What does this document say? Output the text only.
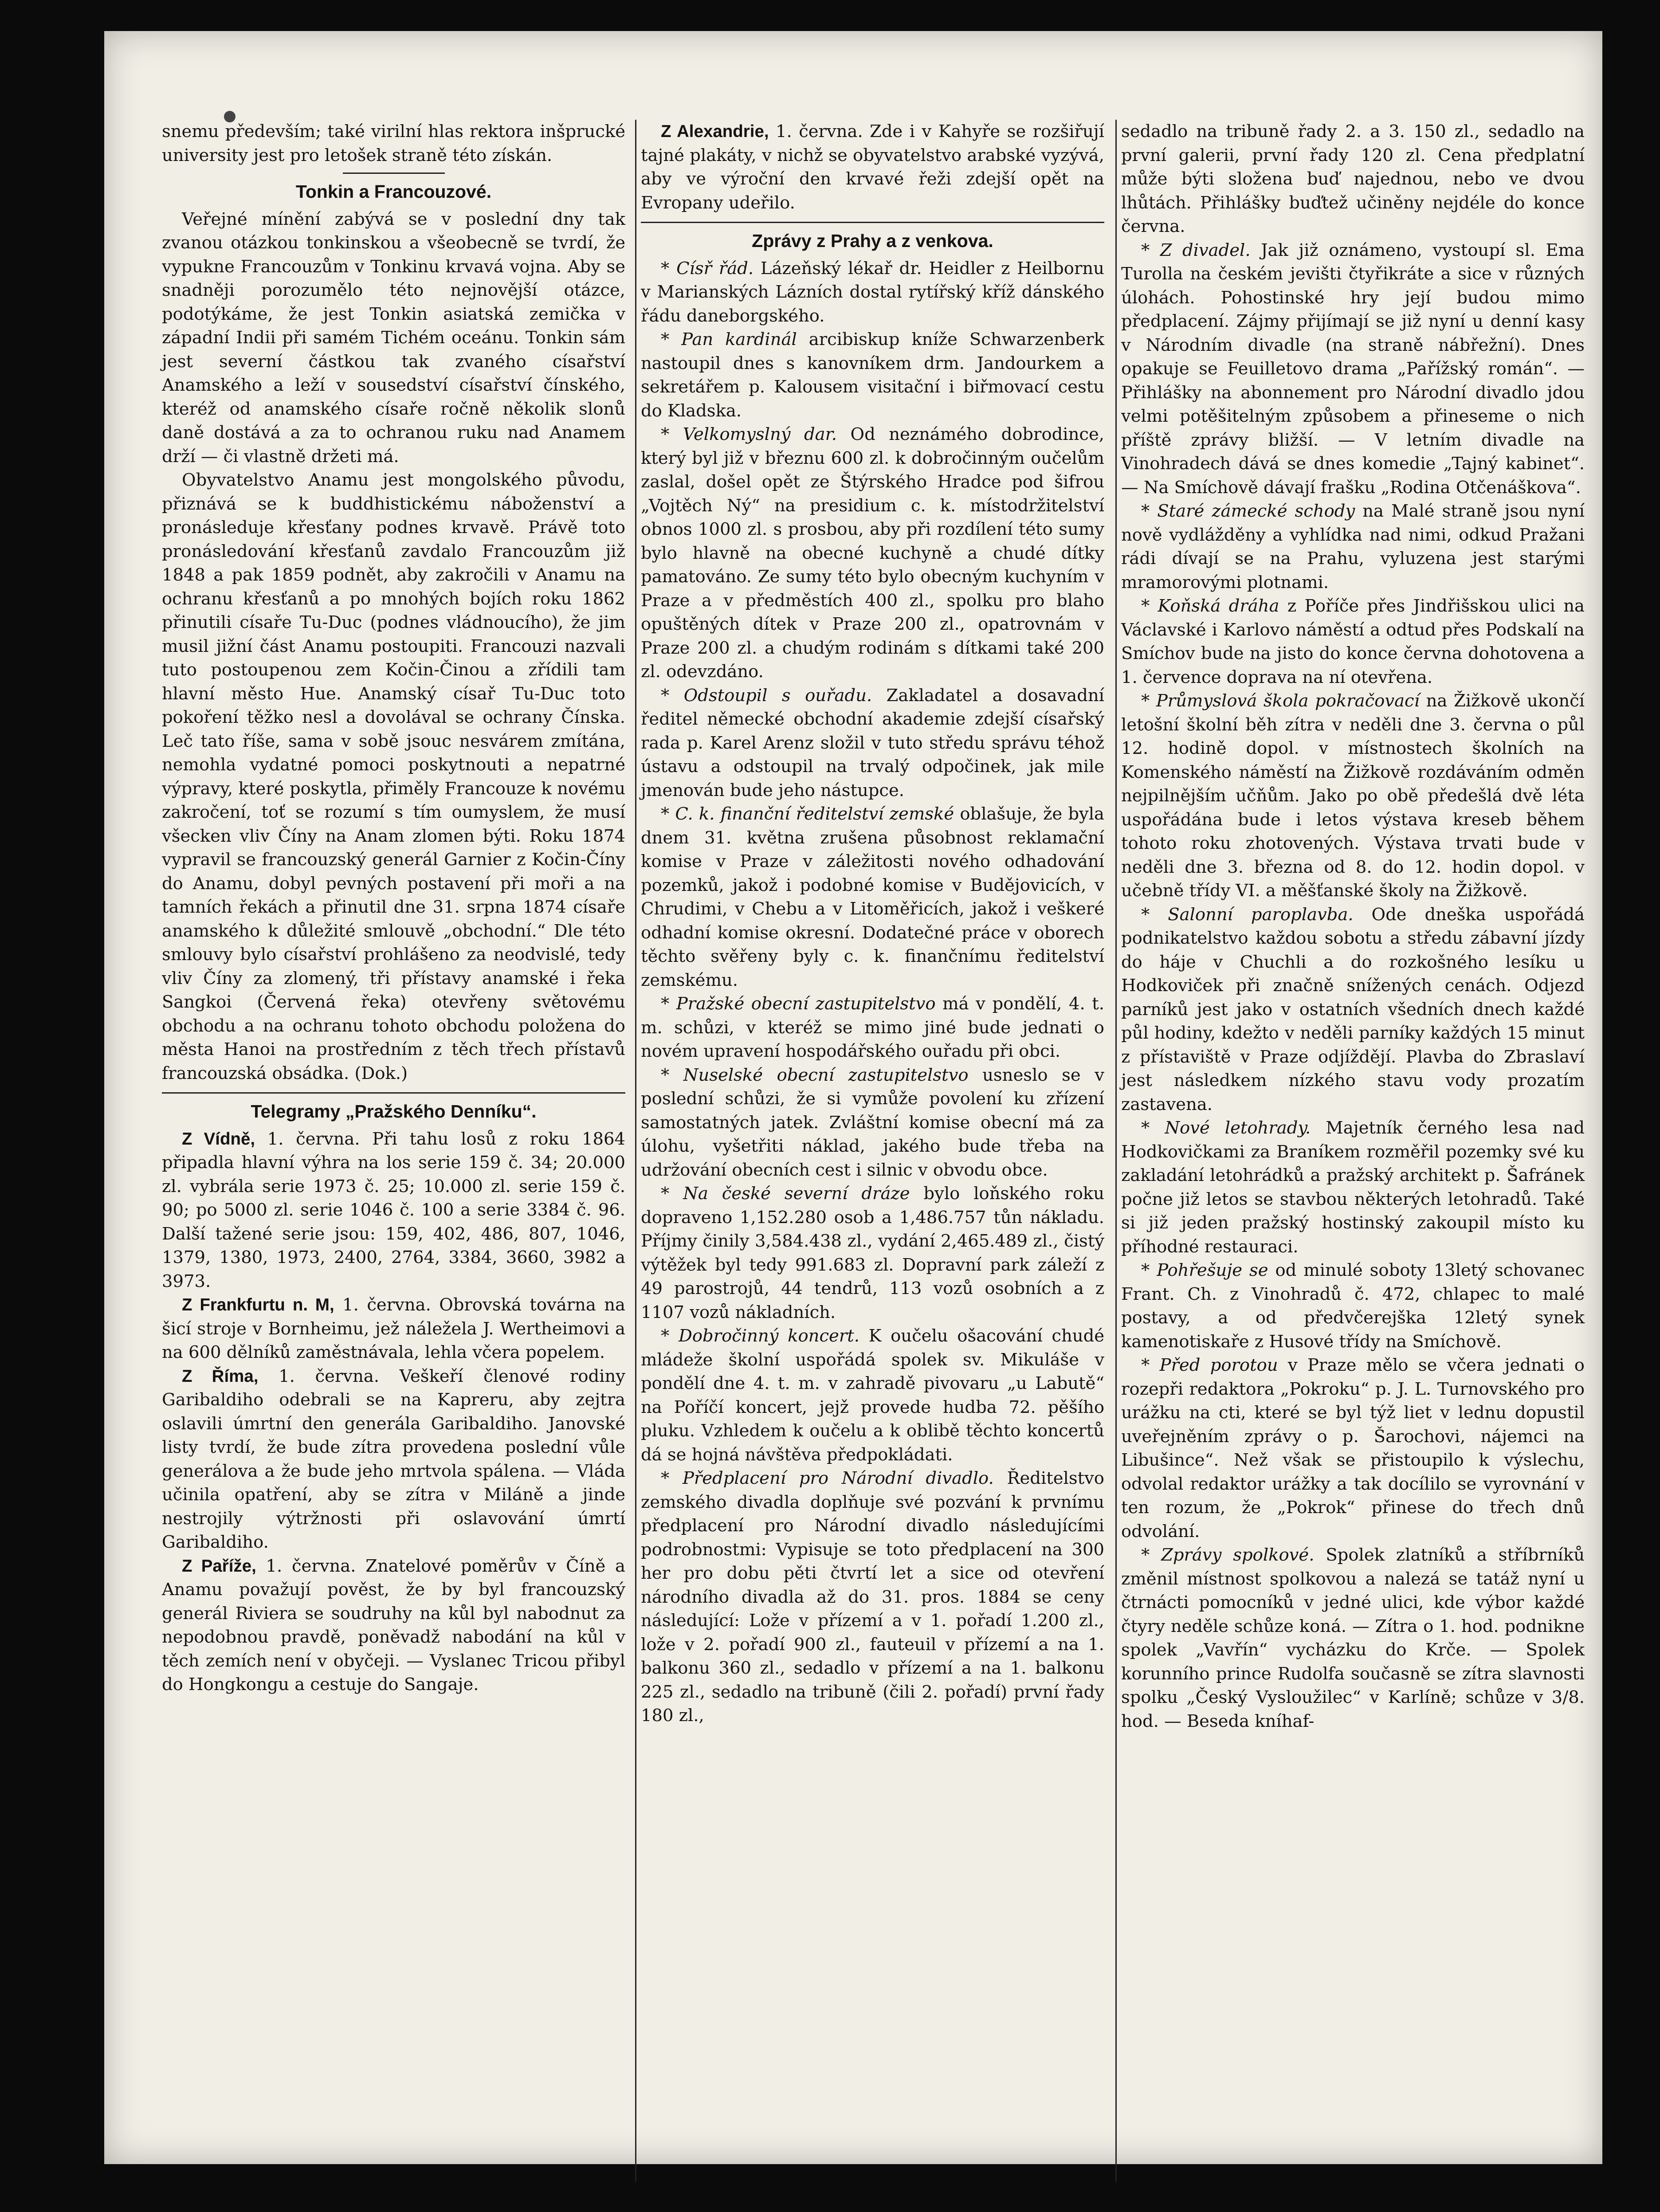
snemu především; také virilní hlas rektora inšprucké university jest pro letošek straně této získán.

Tonkin a Francouzové.

Veřejné mínění zabývá se v poslední dny tak zvanou otázkou tonkinskou a všeobecně se tvrdí, že vypukne Francouzům v Tonkinu krvavá vojna. Aby se snadněji porozumělo této nejnovější otázce, podotýkáme, že jest Tonkin asiatská zemička v západní Indii při samém Tichém oceánu. Tonkin sám jest severní částkou tak zvaného císařství Anamského a leží v sousedství císařství čínského, kteréž od anamského císaře ročně několik slonů daně dostává a za to ochranou ruku nad Anamem drží — či vlastně držeti má.

Obyvatelstvo Anamu jest mongolského původu, přiznává se k buddhistickému náboženství a pronásleduje křesťany podnes krvavě. Právě toto pronásledování křesťanů zavdalo Francouzům již 1848 a pak 1859 podnět, aby zakročili v Anamu na ochranu křesťanů a po mnohých bojích roku 1862 přinutili císaře Tu-Duc (podnes vládnoucího), že jim musil jižní část Anamu postoupiti. Francouzi nazvali tuto postoupenou zem Kočin-Činou a zřídili tam hlavní město Hue. Anamský císař Tu-Duc toto pokoření těžko nesl a dovolával se ochrany Čínska. Leč tato říše, sama v sobě jsouc nesvárem zmítána, nemohla vydatné pomoci poskytnouti a nepatrné výpravy, které poskytla, přiměly Francouze k novému zakročení, toť se rozumí s tím oumyslem, že musí všecken vliv Číny na Anam zlomen býti. Roku 1874 vypravil se francouzský generál Garnier z Kočin-Číny do Anamu, dobyl pevných postavení při moři a na tamních řekách a přinutil dne 31. srpna 1874 císaře anamského k důležité smlouvě „obchodní.“ Dle této smlouvy bylo císařství prohlášeno za neodvislé, tedy vliv Číny za zlomený, tři přístavy anamské i řeka Sangkoi (Červená řeka) otevřeny světovému obchodu a na ochranu tohoto obchodu položena do města Hanoi na prostředním z těch třech přístavů francouzská obsádka. (Dok.)

Telegramy „Pražského Denníku“.

Z Vídně, 1. června. Při tahu losů z roku 1864 připadla hlavní výhra na los serie 159 č. 34; 20.000 zl. vybrála serie 1973 č. 25; 10.000 zl. serie 159 č. 90; po 5000 zl. serie 1046 č. 100 a serie 3384 č. 96. Další tažené serie jsou: 159, 402, 486, 807, 1046, 1379, 1380, 1973, 2400, 2764, 3384, 3660, 3982 a 3973.

Z Frankfurtu n. M, 1. června. Obrovská továrna na šicí stroje v Bornheimu, jež náležela J. Wertheimovi a na 600 dělníků zaměstnávala, lehla včera popelem.

Z Říma, 1. června. Veškeří členové rodiny Garibaldiho odebrali se na Kapreru, aby zejtra oslavili úmrtní den generála Garibaldiho. Janovské listy tvrdí, že bude zítra provedena poslední vůle generálova a že bude jeho mrtvola spálena. — Vláda učinila opatření, aby se zítra v Miláně a jinde nestrojily výtržnosti při oslavování úmrtí Garibaldiho.

Z Paříže, 1. června. Znatelové poměrův v Číně a Anamu považují pověst, že by byl francouzský generál Riviera se soudruhy na kůl byl nabodnut za nepodobnou pravdě, poněvadž nabodání na kůl v těch zemích není v obyčeji. — Vyslanec Tricou přibyl do Hongkongu a cestuje do Sangaje.

Z Alexandrie, 1. června. Zde i v Kahyře se rozšiřují tajné plakáty, v nichž se obyvatelstvo arabské vyzývá, aby ve výroční den krvavé řeži zdejší opět na Evropany udeřilo.

Zprávy z Prahy a z venkova.

* Císř řád. Lázeňský lékař dr. Heidler z Heilbornu v Marianských Lázních dostal rytířský kříž dánského řádu daneborgského.

* Pan kardinál arcibiskup kníže Schwarzenberk nastoupil dnes s kanovníkem drm. Jandourkem a sekretářem p. Kalousem visitační i biřmovací cestu do Kladska.

* Velkomyslný dar. Od neznámého dobrodince, který byl již v březnu 600 zl. k dobročinným oučelům zaslal, došel opět ze Štýrského Hradce pod šifrou „Vojtěch Ný“ na presidium c. k. místodržitelství obnos 1000 zl. s prosbou, aby při rozdílení této sumy bylo hlavně na obecné kuchyně a chudé dítky pamatováno. Ze sumy této bylo obecným kuchyním v Praze a v předměstích 400 zl., spolku pro blaho opuštěných dítek v Praze 200 zl., opatrovnám v Praze 200 zl. a chudým rodinám s dítkami také 200 zl. odevzdáno.

* Odstoupil s ouřadu. Zakladatel a dosavadní ředitel německé obchodní akademie zdejší císařský rada p. Karel Arenz složil v tuto středu správu téhož ústavu a odstoupil na trvalý odpočinek, jak mile jmenován bude jeho nástupce.

* C. k. finanční ředitelství zemské oblašuje, že byla dnem 31. května zrušena působnost reklamační komise v Praze v záležitosti nového odhadování pozemků, jakož i podobné komise v Budějovicích, v Chrudimi, v Chebu a v Litoměřicích, jakož i veškeré odhadní komise okresní. Dodatečné práce v oborech těchto svěřeny byly c. k. finančnímu ředitelství zemskému.

* Pražské obecní zastupitelstvo má v pondělí, 4. t. m. schůzi, v kteréž se mimo jiné bude jednati o novém upravení hospodářského ouřadu při obci.

* Nuselské obecní zastupitelstvo usneslo se v poslední schůzi, že si vymůže povolení ku zřízení samostatných jatek. Zvláštní komise obecní má za úlohu, vyšetřiti náklad, jakého bude třeba na udržování obecních cest i silnic v obvodu obce.

* Na české severní dráze bylo loňského roku dopraveno 1,152.280 osob a 1,486.757 tůn nákladu. Příjmy činily 3,584.438 zl., vydání 2,465.489 zl., čistý výtěžek byl tedy 991.683 zl. Dopravní park záleží z 49 parostrojů, 44 tendrů, 113 vozů osobních a z 1107 vozů nákladních.

* Dobročinný koncert. K oučelu ošacování chudé mládeže školní uspořádá spolek sv. Mikuláše v pondělí dne 4. t. m. v zahradě pivovaru „u Labutě“ na Poříčí koncert, jejž provede hudba 72. pěšího pluku. Vzhledem k oučelu a k oblibě těchto koncertů dá se hojná návštěva předpokládati.

* Předplacení pro Národní divadlo. Ředitelstvo zemského divadla doplňuje své pozvání k prvnímu předplacení pro Národní divadlo následujícími podrobnostmi: Vypisuje se toto předplacení na 300 her pro dobu pěti čtvrtí let a sice od otevření národního divadla až do 31. pros. 1884 se ceny následující: Lože v přízemí a v 1. pořadí 1.200 zl., lože v 2. pořadí 900 zl., fauteuil v přízemí a na 1. balkonu 360 zl., sedadlo v přízemí a na 1. balkonu 225 zl., sedadlo na tribuně (čili 2. pořadí) první řady 180 zl.,

sedadlo na tribuně řady 2. a 3. 150 zl., sedadlo na první galerii, první řady 120 zl. Cena předplatní může býti složena buď najednou, nebo ve dvou lhůtách. Přihlášky buďtež učiněny nejdéle do konce června.

* Z divadel. Jak již oznámeno, vystoupí sl. Ema Turolla na českém jevišti čtyřikráte a sice v různých úlohách. Pohostinské hry její budou mimo předplacení. Zájmy přijímají se již nyní u denní kasy v Národním divadle (na straně nábřežní). Dnes opakuje se Feuilletovo drama „Pařížský román“. — Přihlášky na abonnement pro Národní divadlo jdou velmi potěšitelným způsobem a přineseme o nich příště zprávy bližší. — V letním divadle na Vinohradech dává se dnes komedie „Tajný kabinet“. — Na Smíchově dávají frašku „Rodina Otčenáškova“.

* Staré zámecké schody na Malé straně jsou nyní nově vydlážděny a vyhlídka nad nimi, odkud Pražani rádi dívají se na Prahu, vyluzena jest starými mramorovými plotnami.

* Koňská dráha z Poříče přes Jindřišskou ulici na Václavské i Karlovo náměstí a odtud přes Podskalí na Smíchov bude na jisto do konce června dohotovena a 1. července doprava na ní otevřena.

* Průmyslová škola pokračovací na Žižkově ukončí letošní školní běh zítra v neděli dne 3. června o půl 12. hodině dopol. v místnostech školních na Komenského náměstí na Žižkově rozdáváním odměn nejpilnějším učňům. Jako po obě předešlá dvě léta uspořádána bude i letos výstava kreseb během tohoto roku zhotovených. Výstava trvati bude v neděli dne 3. března od 8. do 12. hodin dopol. v učebně třídy VI. a měšťanské školy na Žižkově.

* Salonní paroplavba. Ode dneška uspořádá podnikatelstvo každou sobotu a středu zábavní jízdy do háje v Chuchli a do rozkošného lesíku u Hodkoviček při značně snížených cenách. Odjezd parníků jest jako v ostatních všedních dnech každé půl hodiny, kdežto v neděli parníky každých 15 minut z přístaviště v Praze odjíždějí. Plavba do Zbraslaví jest následkem nízkého stavu vody prozatím zastavena.

* Nové letohrady. Majetník černého lesa nad Hodkovičkami za Braníkem rozměřil pozemky své ku zakladání letohrádků a pražský architekt p. Šafránek počne již letos se stavbou některých letohradů. Také si již jeden pražský hostinský zakoupil místo ku příhodné restauraci.

* Pohřešuje se od minulé soboty 13letý schovanec Frant. Ch. z Vinohradů č. 472, chlapec to malé postavy, a od předvčerejška 12letý synek kamenotiskaře z Husové třídy na Smíchově.

* Před porotou v Praze mělo se včera jednati o rozepři redaktora „Pokroku“ p. J. L. Turnovského pro urážku na cti, které se byl týž liet v lednu dopustil uveřejněním zprávy o p. Šarochovi, nájemci na Libušince“. Než však se přistoupilo k výslechu, odvolal redaktor urážky a tak docílilo se vyrovnání v ten rozum, že „Pokrok“ přinese do třech dnů odvolání.

* Zprávy spolkové. Spolek zlatníků a stříbrníků změnil místnost spolkovou a nalezá se tatáž nyní u čtrnácti pomocníků v jedné ulici, kde výbor každé čtyry neděle schůze koná. — Zítra o 1. hod. podnikne spolek „Vavřín“ vycházku do Krče. — Spolek korunního prince Rudolfa současně se zítra slavnosti spolku „Český Vysloužilec“ v Karlíně; schůze v 3/8. hod. — Beseda kníhaf-
